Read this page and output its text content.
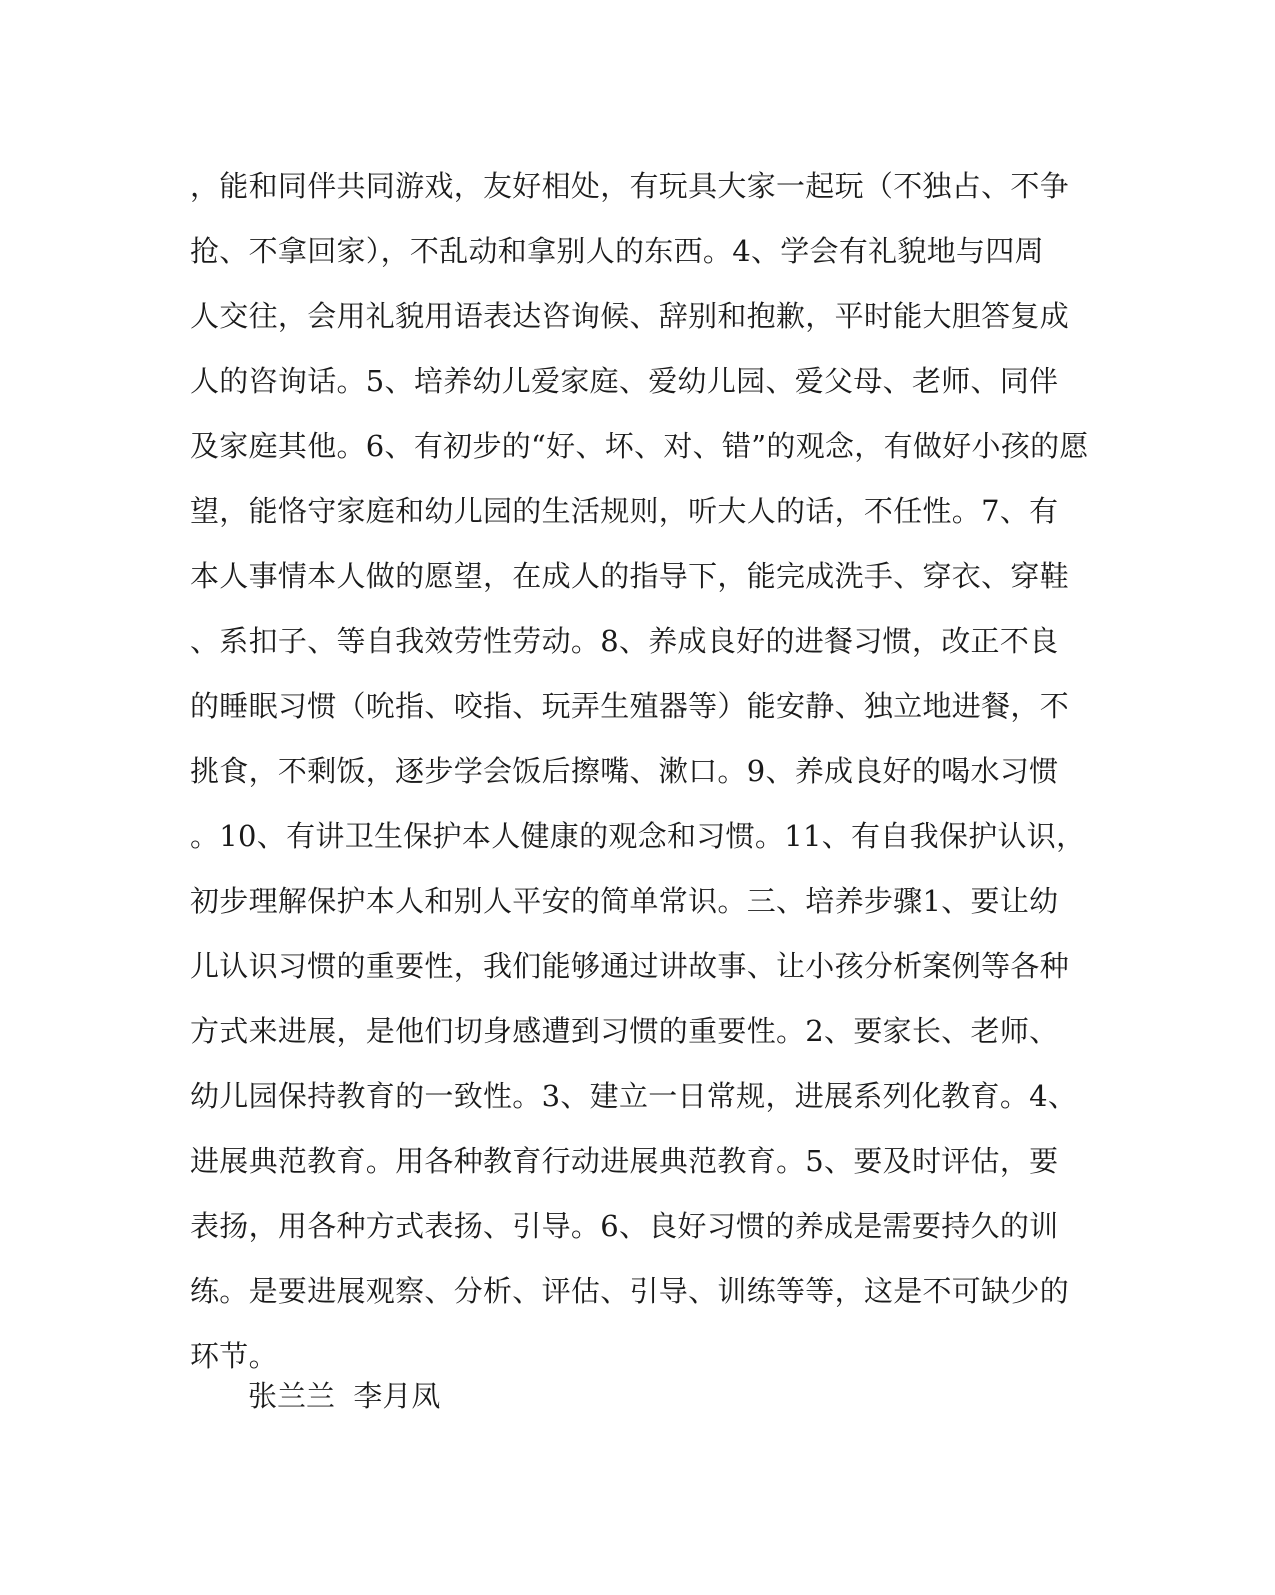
，能和同伴共同游戏，友好相处，有玩具大家一起玩（不独占、不争
抢、不拿回家），不乱动和拿别人的东西。4、学会有礼貌地与四周
人交往，会用礼貌用语表达咨询候、辞别和抱歉，平时能大胆答复成
人的咨询话。5、培养幼儿爱家庭、爱幼儿园、爱父母、老师、同伴
及家庭其他。6、有初步的“好、坏、对、错”的观念，有做好小孩的愿
望，能恪守家庭和幼儿园的生活规则，听大人的话，不任性。7、有
本人事情本人做的愿望，在成人的指导下，能完成洗手、穿衣、穿鞋
、系扣子、等自我效劳性劳动。8、养成良好的进餐习惯，改正不良
的睡眠习惯（吮指、咬指、玩弄生殖器等）能安静、独立地进餐，不
挑食，不剩饭，逐步学会饭后擦嘴、漱口。9、养成良好的喝水习惯
。10、有讲卫生保护本人健康的观念和习惯。11、有自我保护认识，
初步理解保护本人和别人平安的简单常识。三、培养步骤1、要让幼
儿认识习惯的重要性，我们能够通过讲故事、让小孩分析案例等各种
方式来进展，是他们切身感遭到习惯的重要性。2、要家长、老师、
幼儿园保持教育的一致性。3、建立一日常规，进展系列化教育。4、
进展典范教育。用各种教育行动进展典范教育。5、要及时评估，要
表扬，用各种方式表扬、引导。6、良好习惯的养成是需要持久的训
练。是要进展观察、分析、评估、引导、训练等等，这是不可缺少的
环节。
张兰兰  李月凤
